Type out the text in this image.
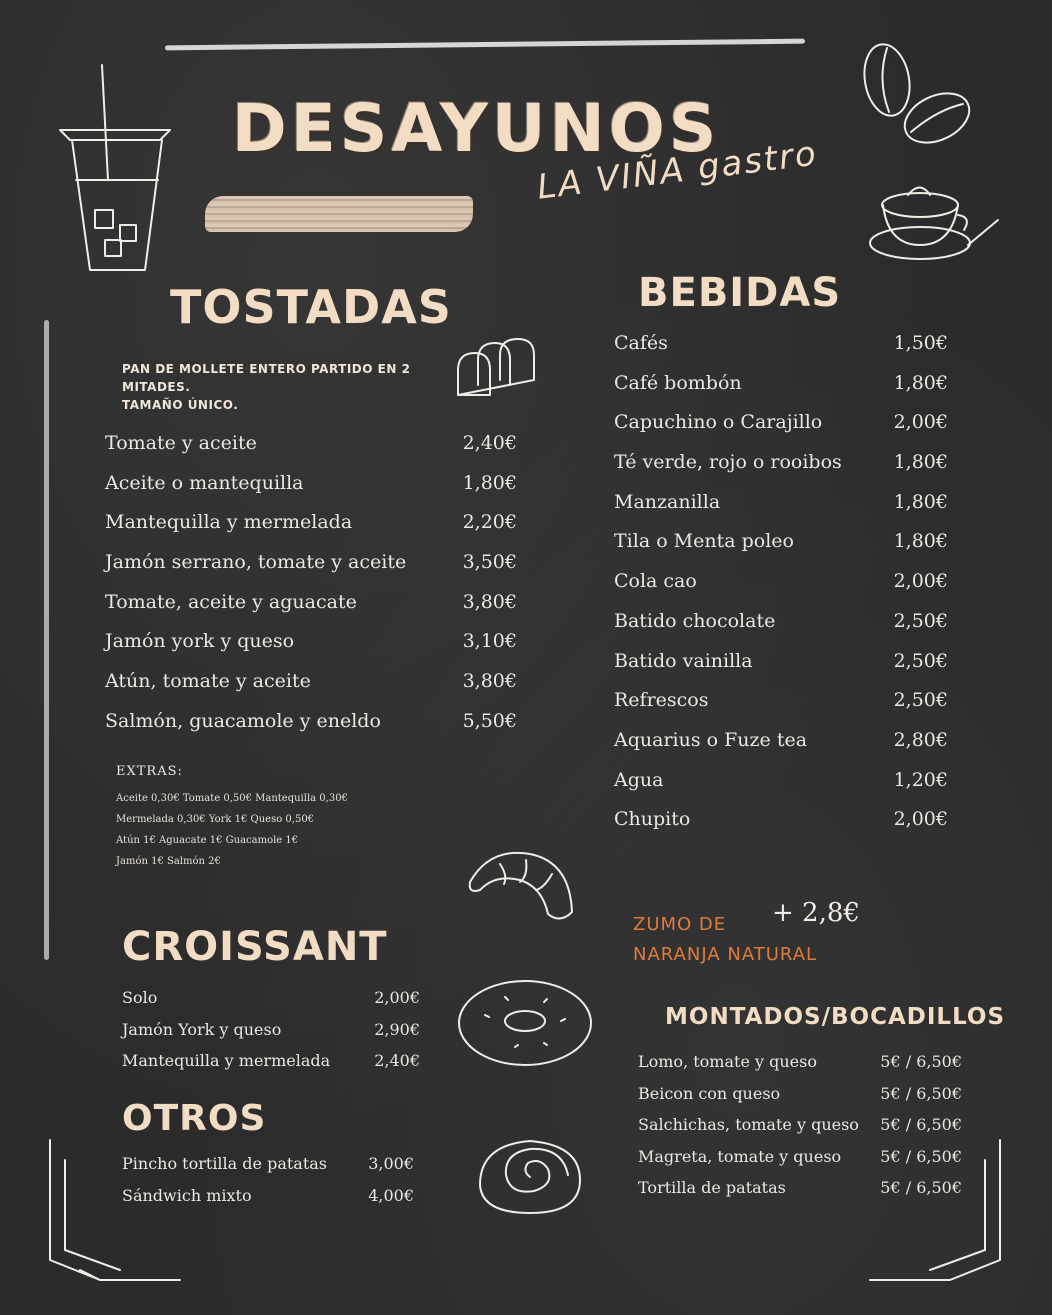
DESAYUNOS
LA VIÑA gastro
TOSTADAS
PAN DE MOLLETE ENTERO PARTIDO EN 2 MITADES.
TAMAÑO ÚNICO.
Tomate y aceite	2,40€
Aceite o mantequilla	1,80€
Mantequilla y mermelada	2,20€
Jamón serrano, tomate y aceite	3,50€
Tomate, aceite y aguacate	3,80€
Jamón york y queso	3,10€
Atún, tomate y aceite	3,80€
Salmón, guacamole y eneldo	5,50€
EXTRAS:
Aceite 0,30€ Tomate 0,50€ Mantequilla 0,30€
Mermelada 0,30€ York 1€ Queso 0,50€
Atún 1€ Aguacate 1€ Guacamole 1€
Jamón 1€ Salmón 2€
BEBIDAS
Cafés	1,50€
Café bombón	1,80€
Capuchino o Carajillo	2,00€
Té verde, rojo o rooibos	1,80€
Manzanilla	1,80€
Tila o Menta poleo	1,80€
Cola cao	2,00€
Batido chocolate	2,50€
Batido vainilla	2,50€
Refrescos	2,50€
Aquarius o Fuze tea	2,80€
Agua	1,20€
Chupito	2,00€
ZUMO DE
NARANJA NATURAL
+ 2,8€
CROISSANT
Solo	2,00€
Jamón York y queso	2,90€
Mantequilla y mermelada	2,40€
OTROS
Pincho tortilla de patatas	3,00€
Sándwich mixto	4,00€
MONTADOS/BOCADILLOS
Lomo, tomate y queso	5€ / 6,50€
Beicon con queso	5€ / 6,50€
Salchichas, tomate y queso 5€ / 6,50€
Magreta, tomate y queso 5€ / 6,50€
Tortilla de patatas	5€ / 6,50€
